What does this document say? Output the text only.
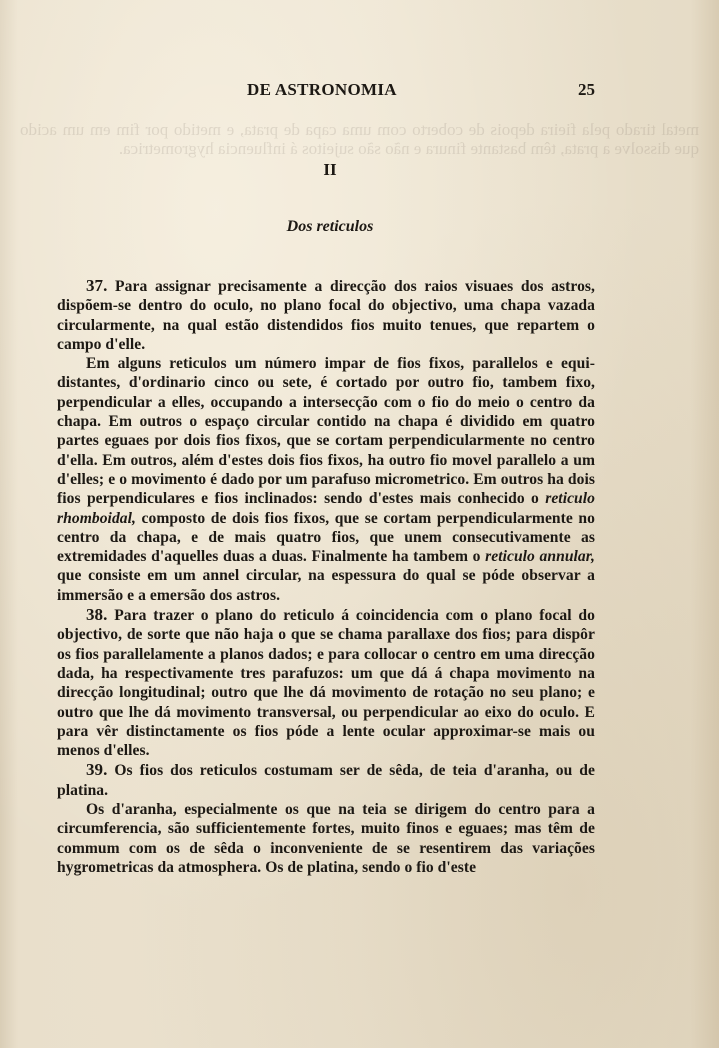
metal tirado pela fieira depois de coberto com uma capa de prata, e metido por fim em um acido que dissolve a prata, têm bastante finura e não são sujeitos á influencia hygrometrica.
DE ASTRONOMIA	25
II
Dos reticulos

37. Para assignar precisamente a direcção dos raios visuaes dos astros, dispõem-se dentro do oculo, no plano focal do objectivo, uma chapa vazada circularmente, na qual estão distendidos fios muito tenues, que repartem o campo d'elle.

Em alguns reticulos um número impar de fios fixos, parallelos e equi-distantes, d'ordinario cinco ou sete, é cortado por outro fio, tambem fixo, perpendicular a elles, occupando a intersecção com o fio do meio o centro da chapa. Em outros o espaço circular contido na chapa é dividido em quatro partes eguaes por dois fios fixos, que se cortam perpendicularmente no centro d'ella. Em outros, além d'estes dois fios fixos, ha outro fio movel parallelo a um d'elles; e o movimento é dado por um parafuso micrometrico. Em outros ha dois fios perpendiculares e fios inclinados: sendo d'estes mais conhecido o reticulo rhomboidal, composto de dois fios fixos, que se cortam perpendicularmente no centro da chapa, e de mais quatro fios, que unem consecutivamente as extremidades d'aquelles duas a duas. Finalmente ha tambem o reticulo annular, que consiste em um annel circular, na espessura do qual se póde observar a immersão e a emersão dos astros.

38. Para trazer o plano do reticulo á coincidencia com o plano focal do objectivo, de sorte que não haja o que se chama parallaxe dos fios; para dispôr os fios parallelamente a planos dados; e para collocar o centro em uma direcção dada, ha respectivamente tres parafuzos: um que dá á chapa movimento na direcção longitudinal; outro que lhe dá movimento de rotação no seu plano; e outro que lhe dá movimento transversal, ou perpendicular ao eixo do oculo. E para vêr distinctamente os fios póde a lente ocular approximar-se mais ou menos d'elles.

39. Os fios dos reticulos costumam ser de sêda, de teia d'aranha, ou de platina.

Os d'aranha, especialmente os que na teia se dirigem do centro para a circumferencia, são sufficientemente fortes, muito finos e eguaes; mas têm de commum com os de sêda o inconveniente de se resentirem das variações hygrometricas da atmosphera. Os de platina, sendo o fio d'este
